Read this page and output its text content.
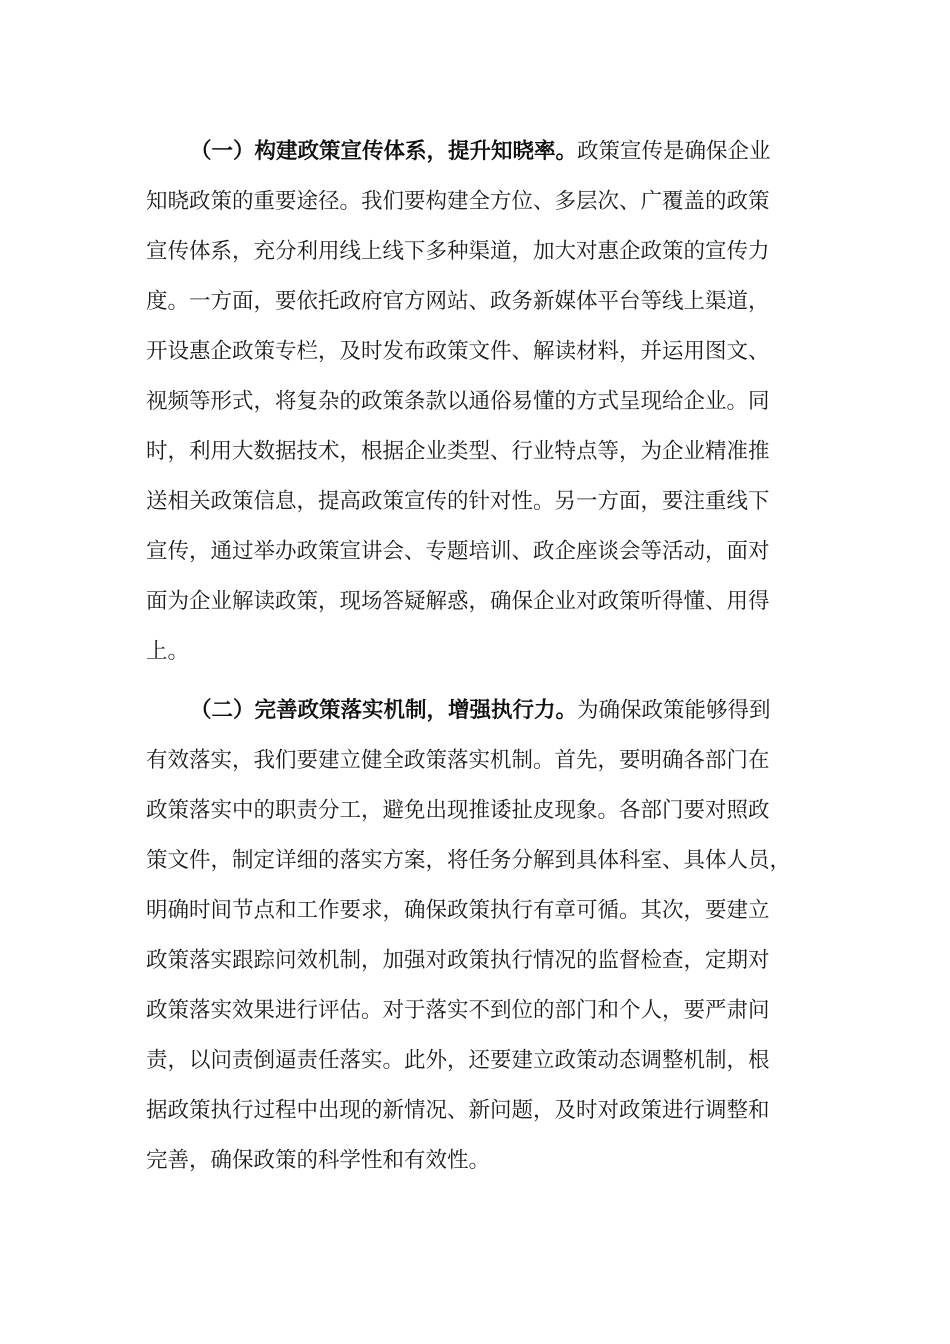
（一）构建政策宣传体系，提升知晓率。政策宣传是确保企业
知晓政策的重要途径。我们要构建全方位、多层次、广覆盖的政策
宣传体系，充分利用线上线下多种渠道，加大对惠企政策的宣传力
度。一方面，要依托政府官方网站、政务新媒体平台等线上渠道，
开设惠企政策专栏，及时发布政策文件、解读材料，并运用图文、
视频等形式，将复杂的政策条款以通俗易懂的方式呈现给企业。同
时，利用大数据技术，根据企业类型、行业特点等，为企业精准推
送相关政策信息，提高政策宣传的针对性。另一方面，要注重线下
宣传，通过举办政策宣讲会、专题培训、政企座谈会等活动，面对
面为企业解读政策，现场答疑解惑，确保企业对政策听得懂、用得
上。
（二）完善政策落实机制，增强执行力。为确保政策能够得到
有效落实，我们要建立健全政策落实机制。首先，要明确各部门在
政策落实中的职责分工，避免出现推诿扯皮现象。各部门要对照政
策文件，制定详细的落实方案，将任务分解到具体科室、具体人员，
明确时间节点和工作要求，确保政策执行有章可循。其次，要建立
政策落实跟踪问效机制，加强对政策执行情况的监督检查，定期对
政策落实效果进行评估。对于落实不到位的部门和个人，要严肃问
责，以问责倒逼责任落实。此外，还要建立政策动态调整机制，根
据政策执行过程中出现的新情况、新问题，及时对政策进行调整和
完善，确保政策的科学性和有效性。
